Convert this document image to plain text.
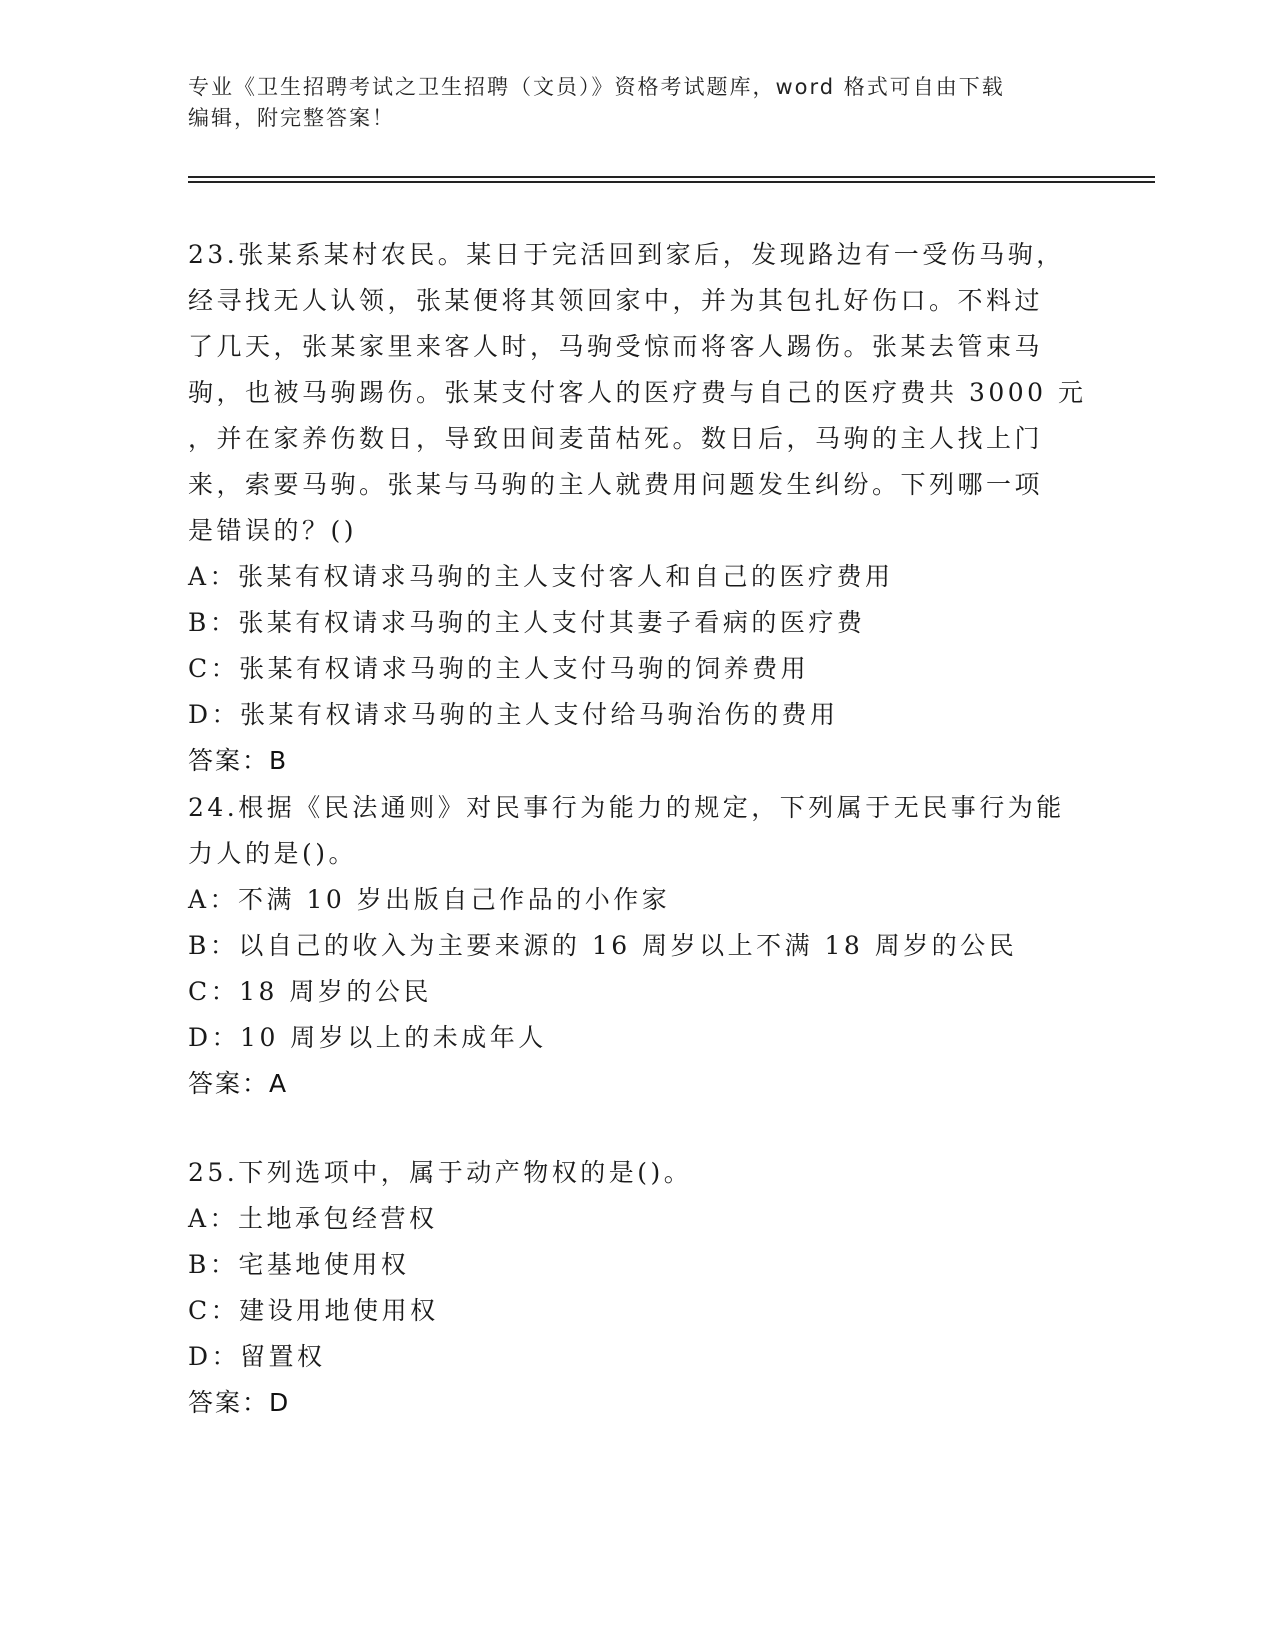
专业《卫生招聘考试之卫生招聘（文员）》资格考试题库，word 格式可自由下载
编辑，附完整答案！
23.张某系某村农民。某日于完活回到家后，发现路边有一受伤马驹，
经寻找无人认领，张某便将其领回家中，并为其包扎好伤口。不料过
了几天，张某家里来客人时，马驹受惊而将客人踢伤。张某去管束马
驹，也被马驹踢伤。张某支付客人的医疗费与自己的医疗费共 3000 元
，并在家养伤数日，导致田间麦苗枯死。数日后，马驹的主人找上门
来，索要马驹。张某与马驹的主人就费用问题发生纠纷。下列哪一项
是错误的？()
A：张某有权请求马驹的主人支付客人和自己的医疗费用
B：张某有权请求马驹的主人支付其妻子看病的医疗费
C：张某有权请求马驹的主人支付马驹的饲养费用
D：张某有权请求马驹的主人支付给马驹治伤的费用
答案：B
24.根据《民法通则》对民事行为能力的规定，下列属于无民事行为能
力人的是()。
A：不满 10 岁出版自己作品的小作家
B：以自己的收入为主要来源的 16 周岁以上不满 18 周岁的公民
C：18 周岁的公民
D：10 周岁以上的未成年人
答案：A
25.下列选项中，属于动产物权的是()。
A：土地承包经营权
B：宅基地使用权
C：建设用地使用权
D：留置权
答案：D
